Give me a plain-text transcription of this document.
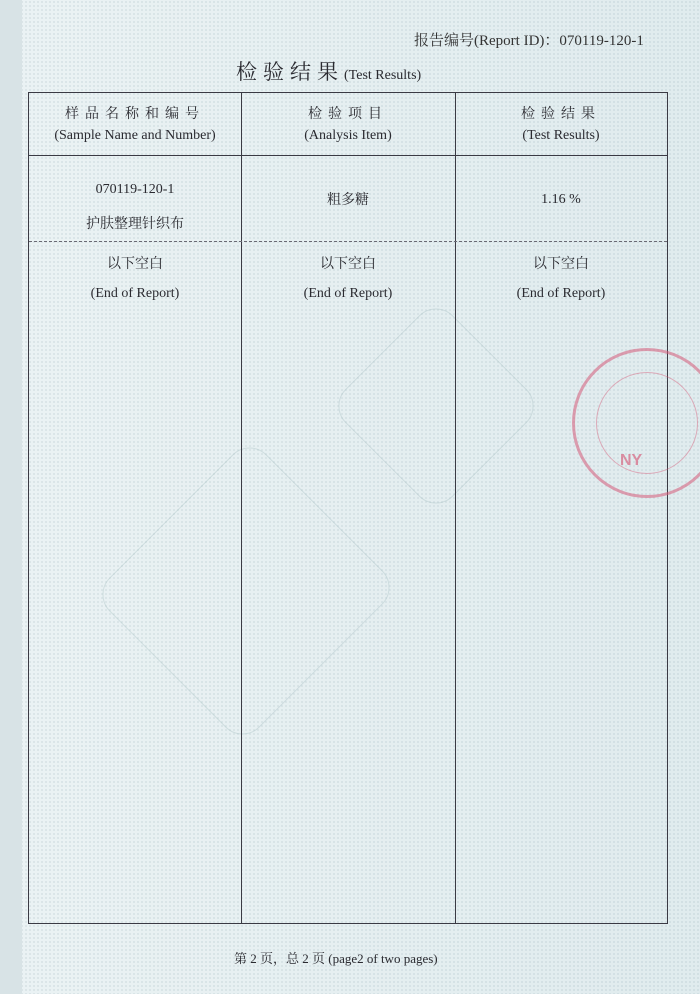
报告编号(Report ID)：070119-120-1
检验结果(Test Results)
样品名称和编号
(Sample Name and Number)
检验项目
(Analysis Item)
检验结果
(Test Results)
070119-120-1
护肤整理针织布
粗多糖	1.16 %
以下空白
(End of Report)
以下空白
(End of Report)
以下空白
(End of Report)
NY
第 2 页，总 2 页 (page2 of two pages)
